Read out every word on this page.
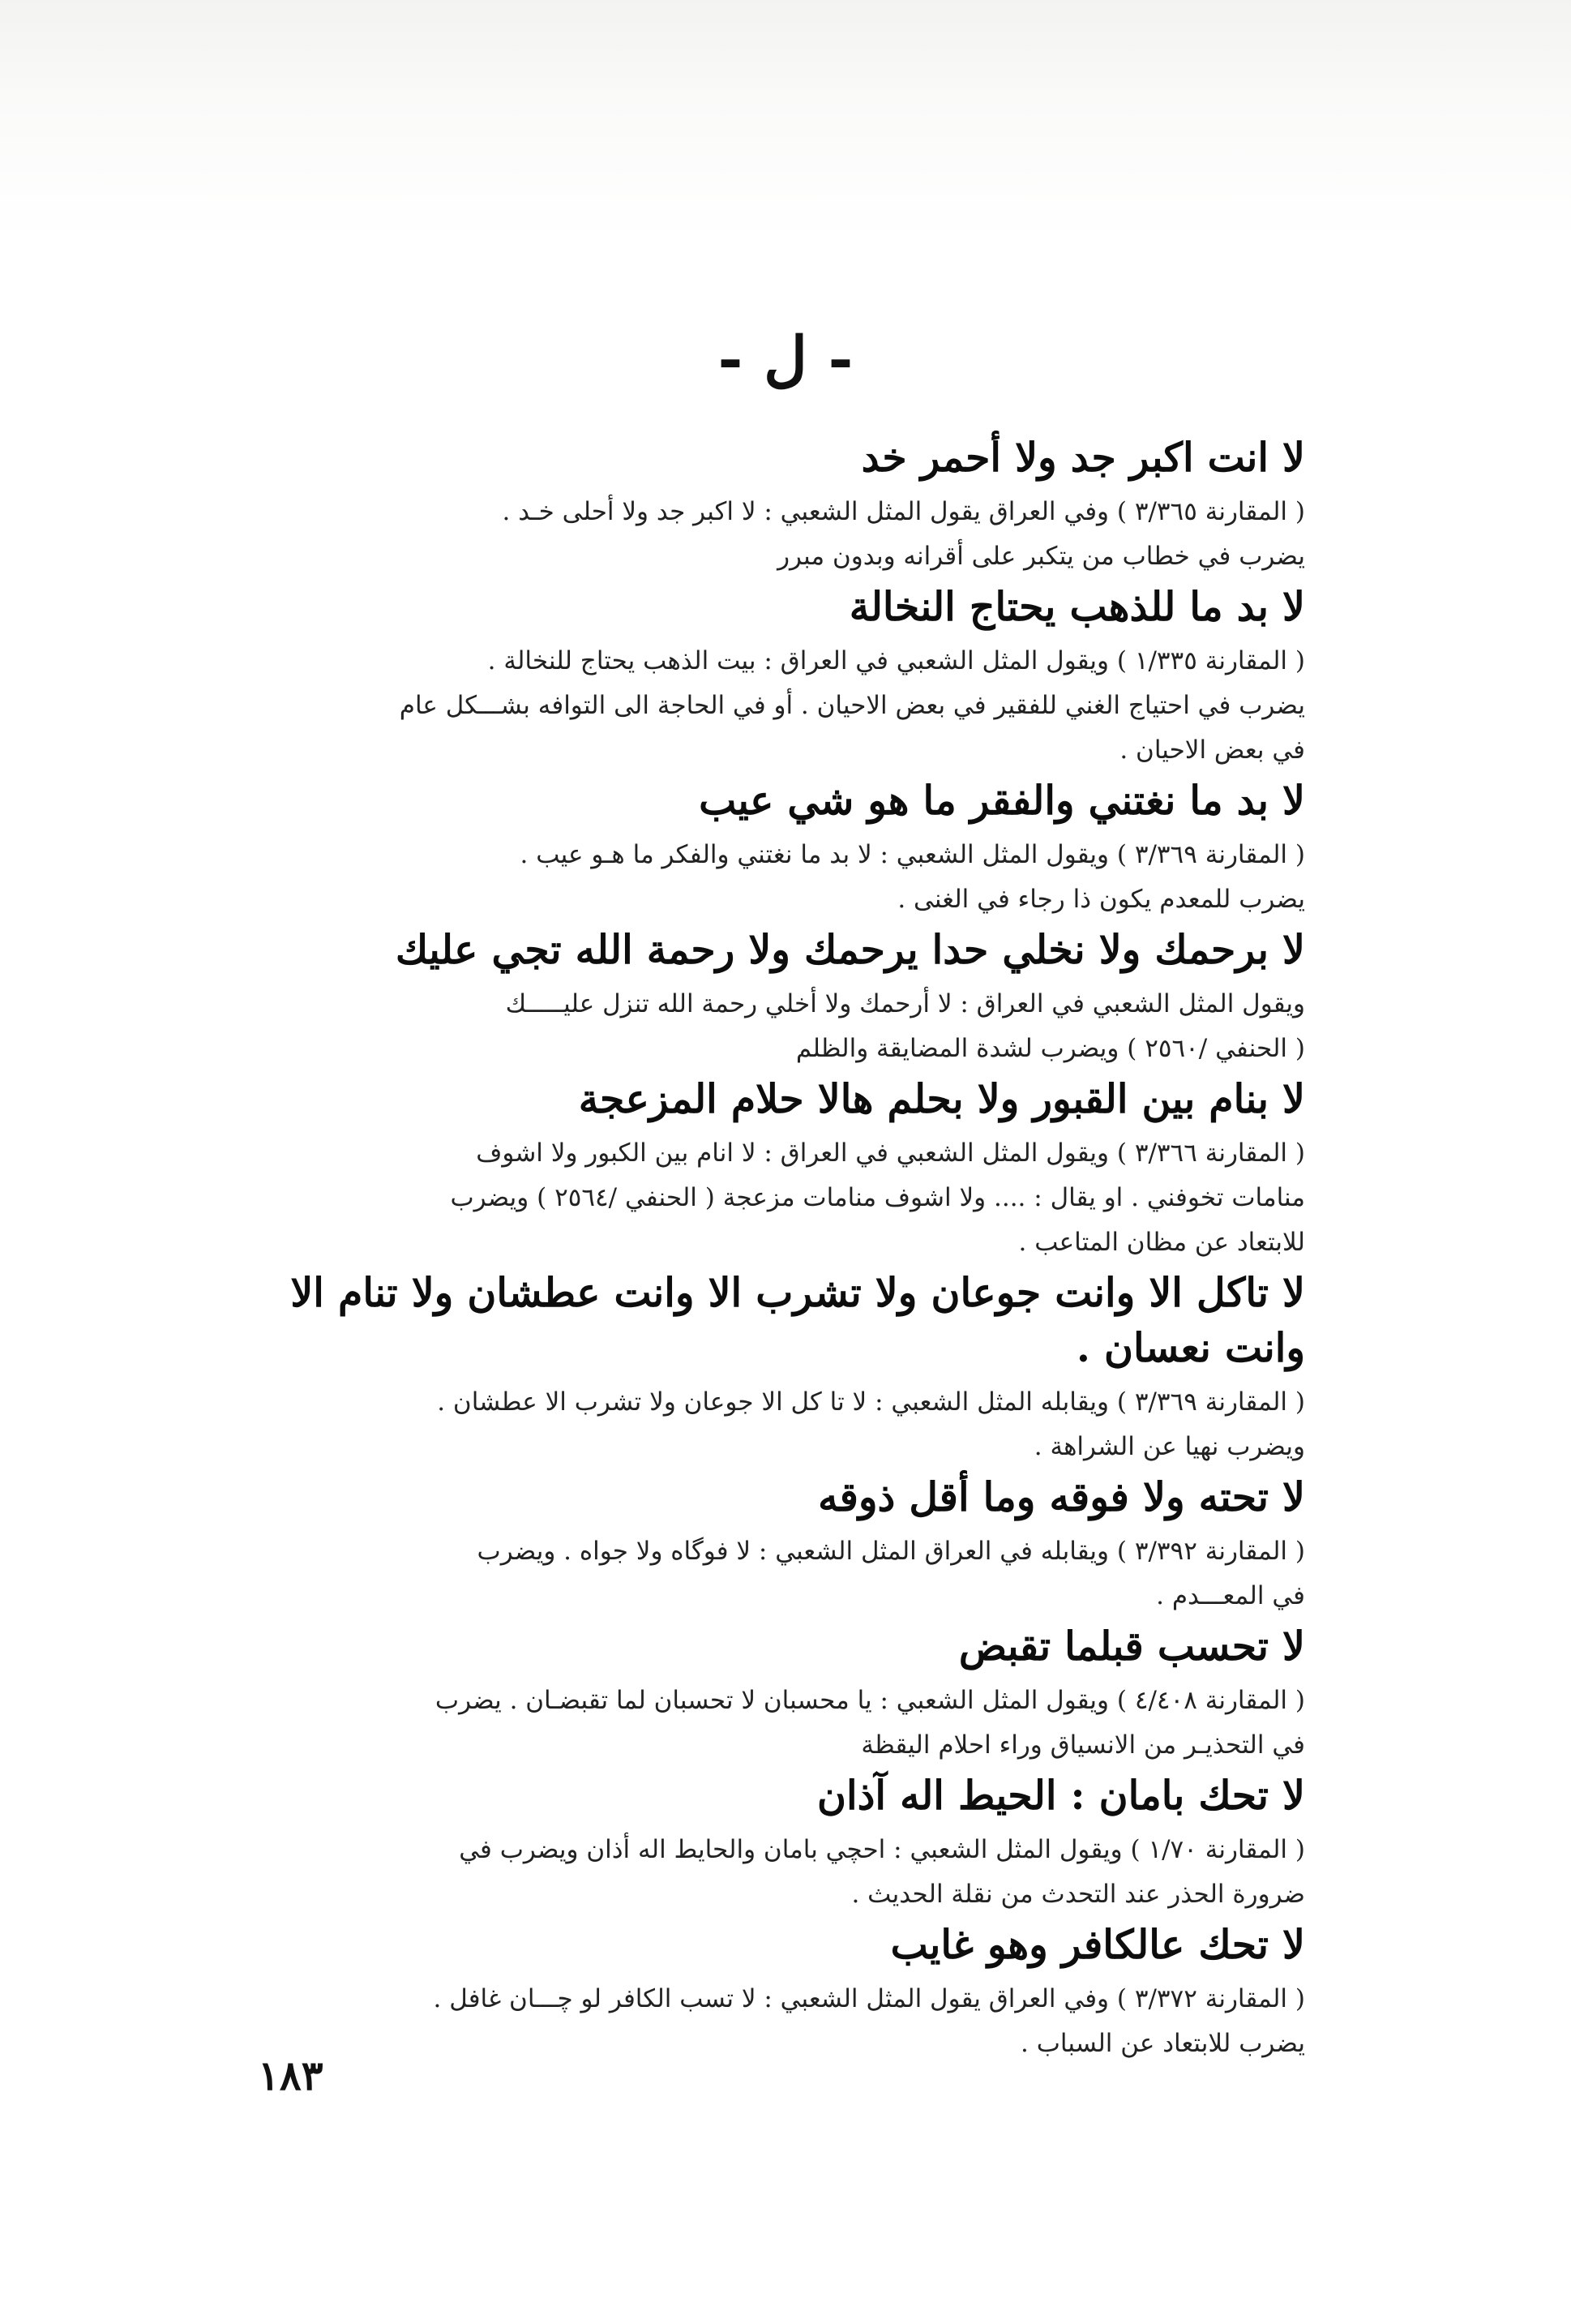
- ل -
لا انت اكبر جد ولا أحمر خد
( المقارنة ٣/٣٦٥ ) وفي العراق يقول المثل الشعبي : لا اكبر جد ولا أحلى خـد .
يضرب في خطاب من يتكبر على أقرانه وبدون مبرر
لا بد ما للذهب يحتاج النخالة
( المقارنة ١/٣٣٥ ) ويقول المثل الشعبي في العراق : بيت الذهب يحتاج للنخالة .
يضرب في احتياج الغني للفقير في بعض الاحيان . أو في الحاجة الى التوافه بشـــكل عام
في بعض الاحيان .
لا بد ما نغتني والفقر ما هو شي عيب
( المقارنة ٣/٣٦٩ ) ويقول المثل الشعبي : لا بد ما نغتني والفكر ما هـو عيب .
يضرب للمعدم يكون ذا رجاء في الغنى .
لا برحمك ولا نخلي حدا يرحمك ولا رحمة الله تجي عليك
ويقول المثل الشعبي في العراق : لا أرحمك ولا أخلي رحمة الله تنزل عليـــــك
( الحنفي /٢٥٦٠ ) ويضرب لشدة المضايقة والظلم
لا بنام بين القبور ولا بحلم هالا حلام المزعجة
( المقارنة ٣/٣٦٦ ) ويقول المثل الشعبي في العراق : لا انام بين الكبور ولا اشوف
منامات تخوفني . او يقال : .... ولا اشوف منامات مزعجة ( الحنفي /٢٥٦٤ ) ويضرب
للابتعاد عن مظان المتاعب .
لا تاكل الا وانت جوعان ولا تشرب الا وانت عطشان ولا تنام الا وانت نعسان .
( المقارنة ٣/٣٦٩ ) ويقابله المثل الشعبي : لا تا كل الا جوعان ولا تشرب الا عطشان .
ويضرب نهيا عن الشراهة .
لا تحته ولا فوقه وما أقل ذوقه
( المقارنة ٣/٣٩٢ ) ويقابله في العراق المثل الشعبي : لا فوگاه ولا جواه . ويضرب
في المعـــدم .
لا تحسب قبلما تقبض
( المقارنة ٤/٤٠٨ ) ويقول المثل الشعبي : يا محسبان لا تحسبان لما تقبضـان . يضرب
في التحذيـر من الانسياق وراء احلام اليقظة
لا تحك بامان : الحيط اله آذان
( المقارنة ١/٧٠ ) ويقول المثل الشعبي : احچي بامان والحايط اله أذان ويضرب في
ضرورة الحذر عند التحدث من نقلة الحديث .
لا تحك عالكافر وهو غايب
( المقارنة ٣/٣٧٢ ) وفي العراق يقول المثل الشعبي : لا تسب الكافر لو چـــان غافل .
يضرب للابتعاد عن السباب .
١٨٣
